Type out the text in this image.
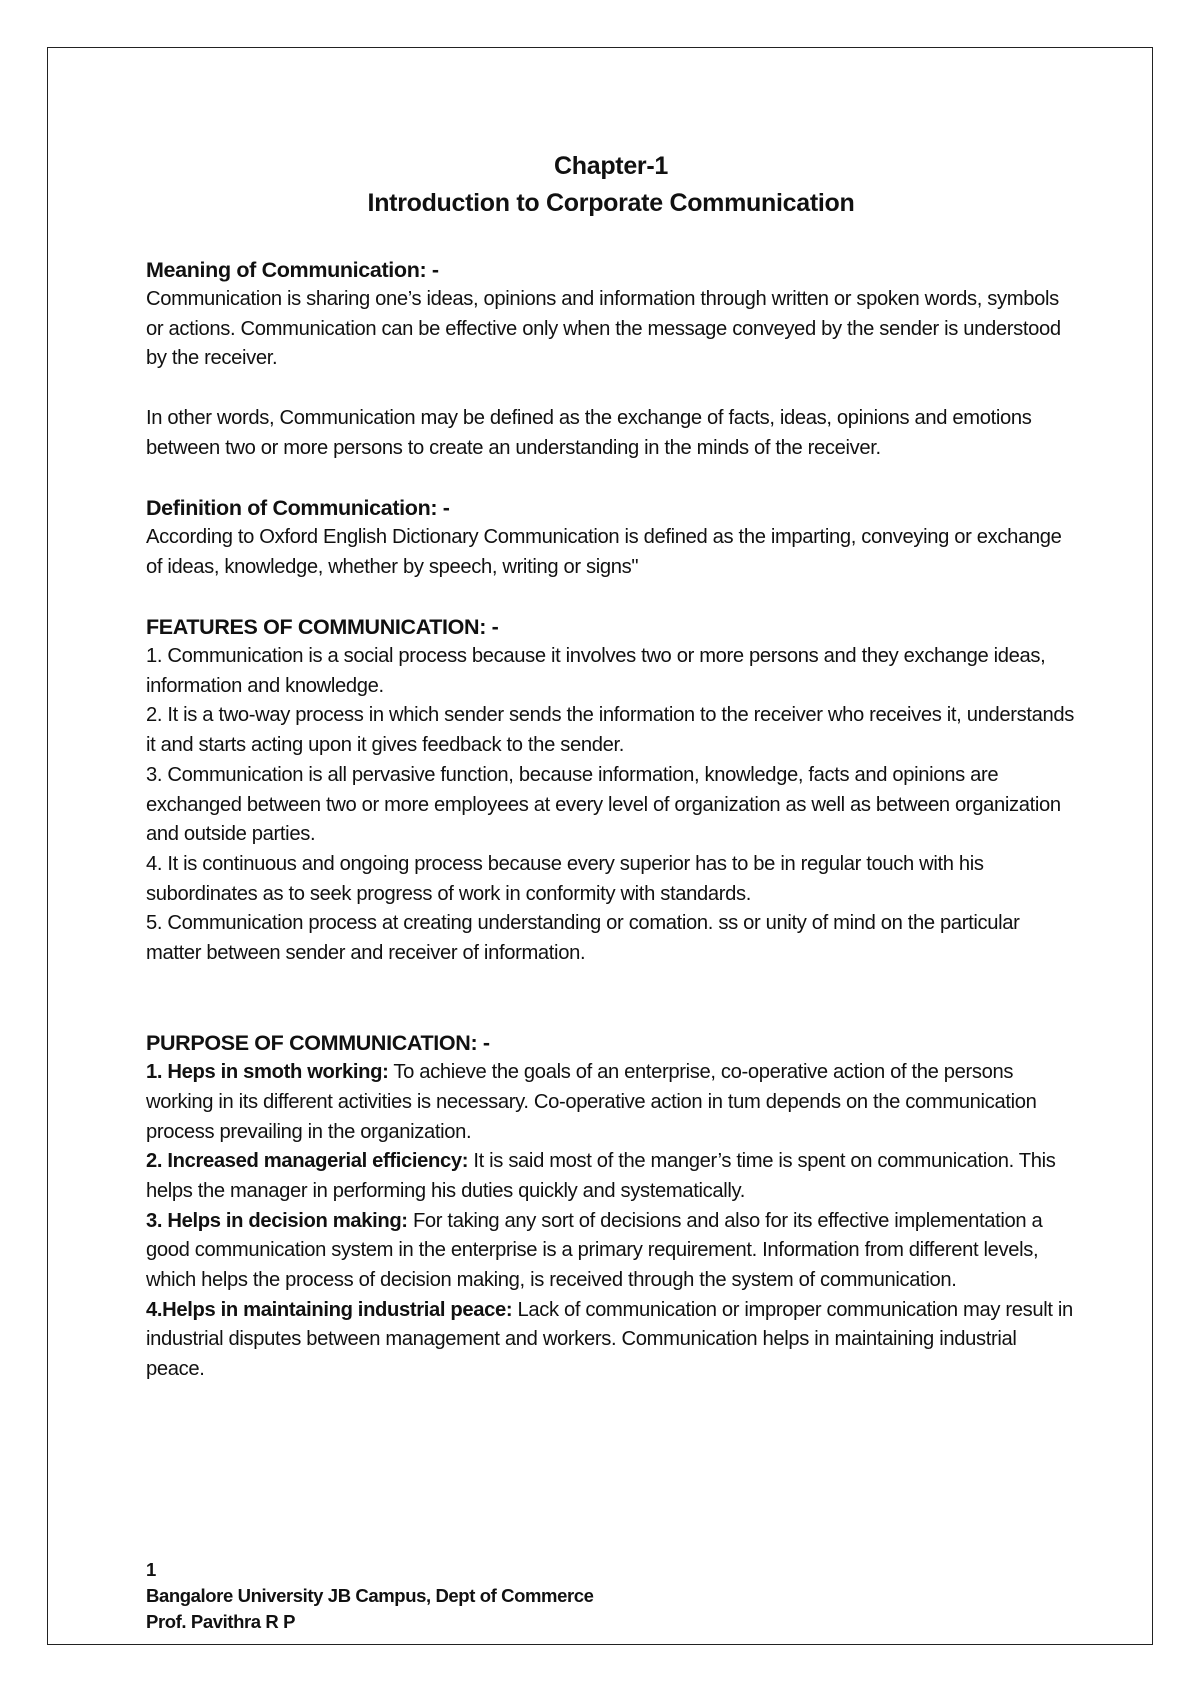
Chapter-1
Introduction to Corporate Communication
Meaning of Communication: -

Communication is sharing one’s ideas, opinions and information through written or spoken words, symbols or actions. Communication can be effective only when the message conveyed by the sender is understood by the receiver.

In other words, Communication may be defined as the exchange of facts, ideas, opinions and emotions between two or more persons to create an understanding in the minds of the receiver.

Definition of Communication: -

According to Oxford English Dictionary Communication is defined as the imparting, conveying or exchange of ideas, knowledge, whether by speech, writing or signs"

FEATURES OF COMMUNICATION: -

1. Communication is a social process because it involves two or more persons and they exchange ideas, information and knowledge.

2. It is a two-way process in which sender sends the information to the receiver who receives it, understands it and starts acting upon it gives feedback to the sender.

3. Communication is all pervasive function, because information, knowledge, facts and opinions are exchanged between two or more employees at every level of organization as well as between organization and outside parties.

4. It is continuous and ongoing process because every superior has to be in regular touch with his subordinates as to seek progress of work in conformity with standards.

5. Communication process at creating understanding or comation. ss or unity of mind on the particular matter between sender and receiver of information.

PURPOSE OF COMMUNICATION: -

1. Heps in smoth working: To achieve the goals of an enterprise, co-operative action of the persons working in its different activities is necessary. Co-operative action in tum depends on the communication process prevailing in the organization.

2. Increased managerial efficiency: It is said most of the manger’s time is spent on communication. This helps the manager in performing his duties quickly and systematically.

3. Helps in decision making: For taking any sort of decisions and also for its effective implementation a good communication system in the enterprise is a primary requirement. Information from different levels, which helps the process of decision making, is received through the system of communication.

4.Helps in maintaining industrial peace: Lack of communication or improper communication may result in industrial disputes between management and workers. Communication helps in maintaining industrial peace.

1
Bangalore University JB Campus, Dept of Commerce
Prof. Pavithra R P
